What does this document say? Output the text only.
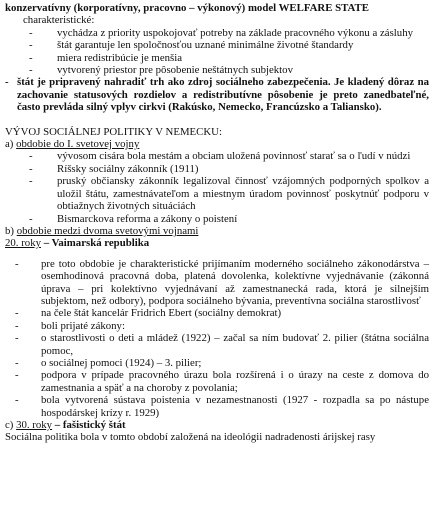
konzervatívny (korporatívny, pracovno – výkonový) model WELFARE STATE
charakteristické:
-	vychádza z priority uspokojovať potreby na základe pracovného výkonu a zásluhy
-	štát garantuje len spoločnosťou uznané minimálne životné štandardy
-	miera redistribúcie je menšia
-	vytvorený priestor pre pôsobenie neštátnych subjektov
- štát je pripravený nahradiť trh ako zdroj sociálneho zabezpečenia. Je kladený dôraz na zachovanie statusových rozdielov a redistributívne pôsobenie je preto zanedbateľné, často prevláda silný vplyv cirkvi (Rakúsko, Nemecko, Francúzsko a Taliansko).
VÝVOJ SOCIÁLNEJ POLITIKY V NEMECKU:
a) obdobie do I. svetovej vojny
-	vývosom cisára bola mestám a obciam uložená povinnosť starať sa o ľudí v núdzi
-	Ríšsky sociálny zákonník (1911)
-	pruský občiansky zákonník legalizoval činnosť vzájomných podporných spolkov a uložil štátu, zamestnávateľom a miestnym úradom povinnosť poskytnúť podporu v obtiažnych životných situáciách
-	Bismarckova reforma a zákony o poistení
b) obdobie medzi dvoma svetovými vojnami
20. roky – Vaimarská republika
-	pre toto obdobie je charakteristické prijímaním moderného sociálneho zákonodárstva – osemhodinová pracovná doba, platená dovolenka, kolektívne vyjednávanie (zákonná úprava – pri kolektívno vyjednávaní až zamestnanecká rada, ktorá je silnejším subjektom, než odbory), podpora sociálneho bývania, preventívna sociálna starostlivosť
-	na čele štát kancelár Fridrich Ebert (sociálny demokrat)
-	boli prijaté zákony:
-	o starostlivosti o deti a mládež (1922) – začal sa ním budovať 2. pilier (štátna sociálna pomoc,
-	o sociálnej pomoci (1924) – 3. pilier;
-	podpora v prípade pracovného úrazu bola rozšírená i o úrazy na ceste z domova do zamestnania a späť a na choroby z povolania;
-	bola vytvorená sústava poistenia v nezamestnanosti (1927 - rozpadla sa po nástupe hospodárskej krízy r. 1929)
c) 30. roky – fašistický štát
Sociálna politika bola v tomto období založená na ideológii nadradenosti árijskej rasy
